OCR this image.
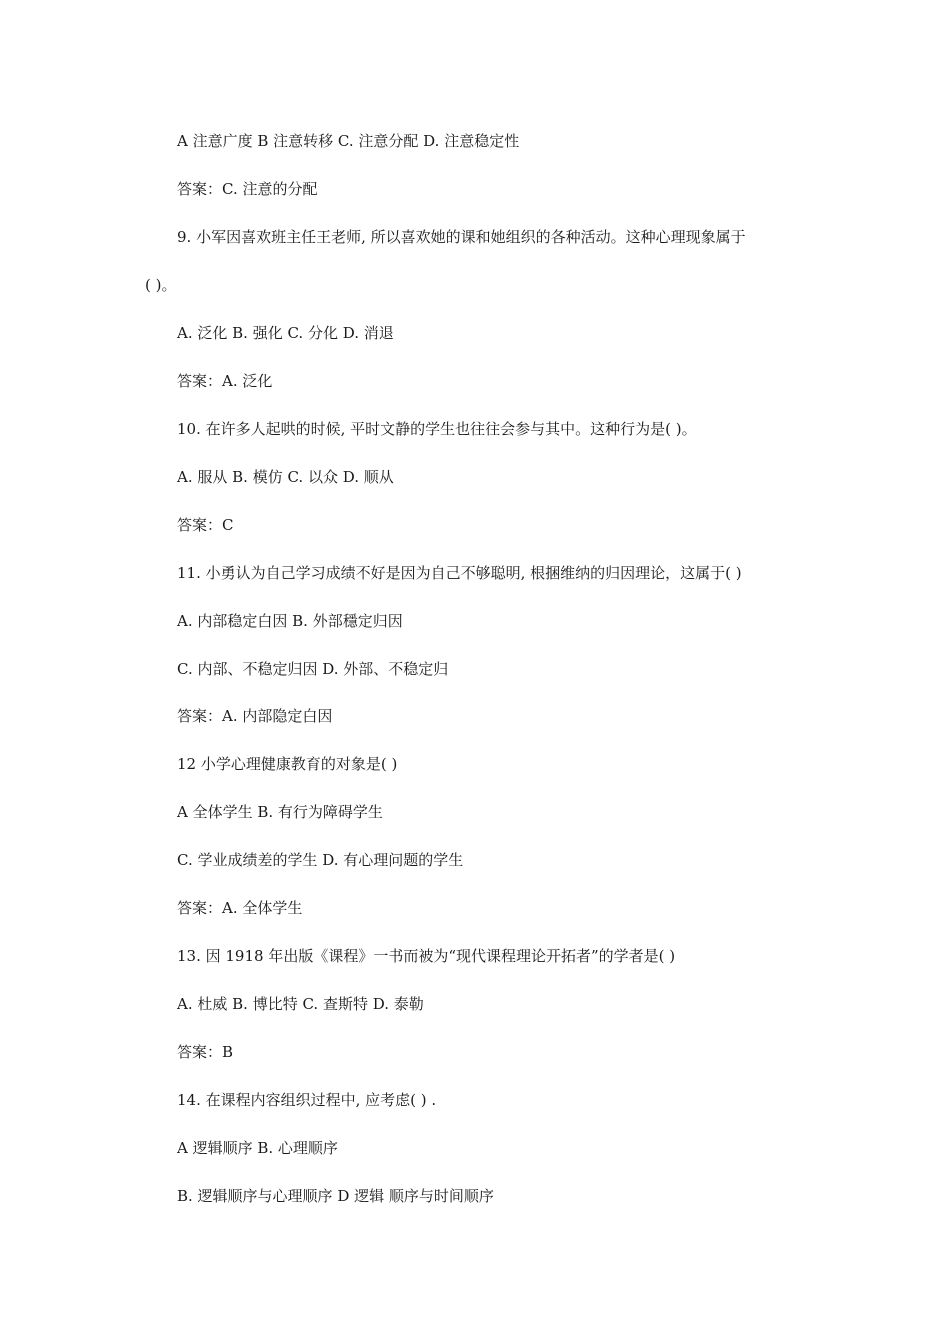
A 注意广度 B 注意转移 C. 注意分配 D. 注意稳定性
答案：C. 注意的分配
9. 小军因喜欢班主任王老师, 所以喜欢她的课和她组织的各种活动。这种心理现象属于
( )。
A. 泛化 B. 强化 C. 分化 D. 消退
答案：A. 泛化
10. 在许多人起哄的时候, 平时文静的学生也往往会参与其中。这种行为是( )。
A. 服从 B. 模仿 C. 以众 D. 顺从
答案：C
11. 小勇认为自己学习成绩不好是因为自己不够聪明, 根捆维纳的归因理论，这属于( )
A. 内部稳定白因 B. 外部穩定归因
C. 内部、不稳定归因 D. 外部、不稳定归
答案：A. 内部隐定白因
12 小学心理健康教育的对象是( )
A 全体学生 B. 有行为障碍学生
C. 学业成绩差的学生 D. 有心理问题的学生
答案：A. 全体学生
13. 因 1918 年出版《课程》一书而被为“现代课程理论开拓者”的学者是( )
A. 杜威 B. 博比特 C. 查斯特 D. 泰勒
答案：B
14. 在课程内容组织过程中, 应考虑( ) .
A 逻辑顺序 B. 心理顺序
B. 逻辑顺序与心理顺序 D 逻辑 顺序与时间顺序
